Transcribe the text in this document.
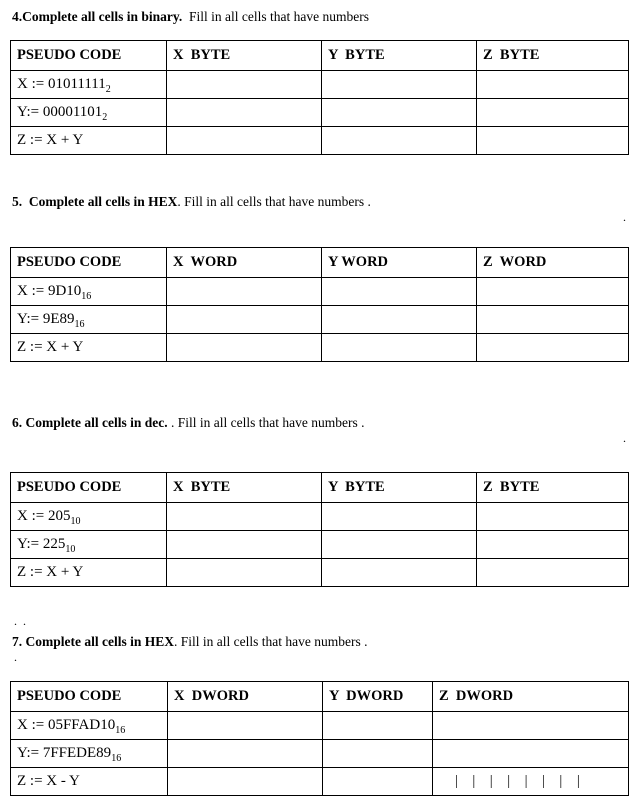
4.Complete all cells in binary.  Fill in all cells that have numbers

PSEUDO CODE	X  BYTE	Y  BYTE	Z  BYTE
X := $01011111_2$			
Y:= $00001101_2$			
Z := X + Y			

5.  Complete all cells in HEX. Fill in all cells that have numbers .

.

PSEUDO CODE	X  WORD	Y WORD	Z  WORD
X := $9D10_{16}$			
Y:= $9E89_{16}$			
Z := X + Y			

6. Complete all cells in dec. . Fill in all cells that have numbers .

.

PSEUDO CODE	X  BYTE	Y  BYTE	Z  BYTE
X := $205_{10}$			
Y:= $225_{10}$			
Z := X + Y			

.  .

7. Complete all cells in HEX. Fill in all cells that have numbers .

.

PSEUDO CODE	X  DWORD	Y  DWORD	Z  DWORD
X := $05FFAD10_{16}$			
Y:= $7FFEDE89_{16}$			
Z := X - Y			|    |    |    |    |    |    |    |
